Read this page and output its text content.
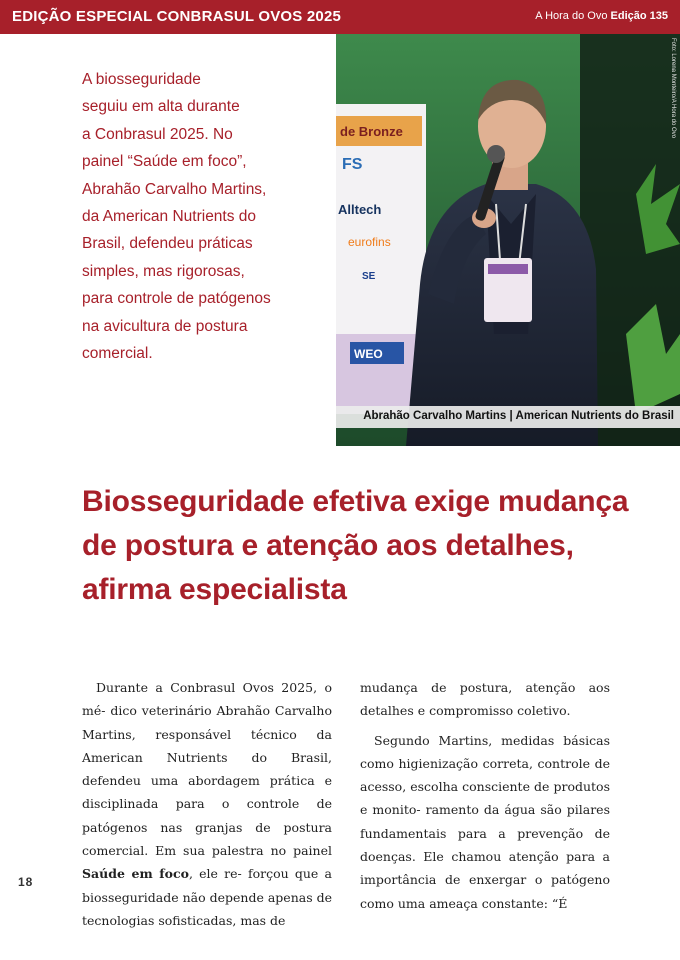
EDIÇÃO ESPECIAL CONBRASUL OVOS 2025	A Hora do Ovo Edição 135

A biosseguridade

seguiu em alta durante

a Conbrasul 2025. No

painel “Saúde em foco”,

Abrahão Carvalho Martins,

da American Nutrients do

Brasil, defendeu práticas

simples, mas rigorosas,

para controle de patógenos

na avicultura de postura

comercial.

de Bronze
FS
Alltech
eurofins
SE
WEO
Foto: Lorena Monteiro/A Hora do Ovo
Abrahão Carvalho Martins | American Nutrients do Brasil
Biosseguridade efetiva exige mudança
de postura e atenção aos detalhes,
afirma especialista

Durante a Conbrasul Ovos 2025, o mé- dico veterinário Abrahão Carvalho Martins, responsável técnico da American Nutrients do Brasil, defendeu uma abordagem prática e disciplinada para o controle de patógenos nas granjas de postura comercial. Em sua palestra no painel Saúde em foco, ele re- forçou que a biosseguridade não depende apenas de tecnologias sofisticadas, mas de

mudança de postura, atenção aos detalhes e compromisso coletivo.

Segundo Martins, medidas básicas como higienização correta, controle de acesso, escolha consciente de produtos e monito- ramento da água são pilares fundamentais para a prevenção de doenças. Ele chamou atenção para a importância de enxergar o patógeno como uma ameaça constante: “É

18
